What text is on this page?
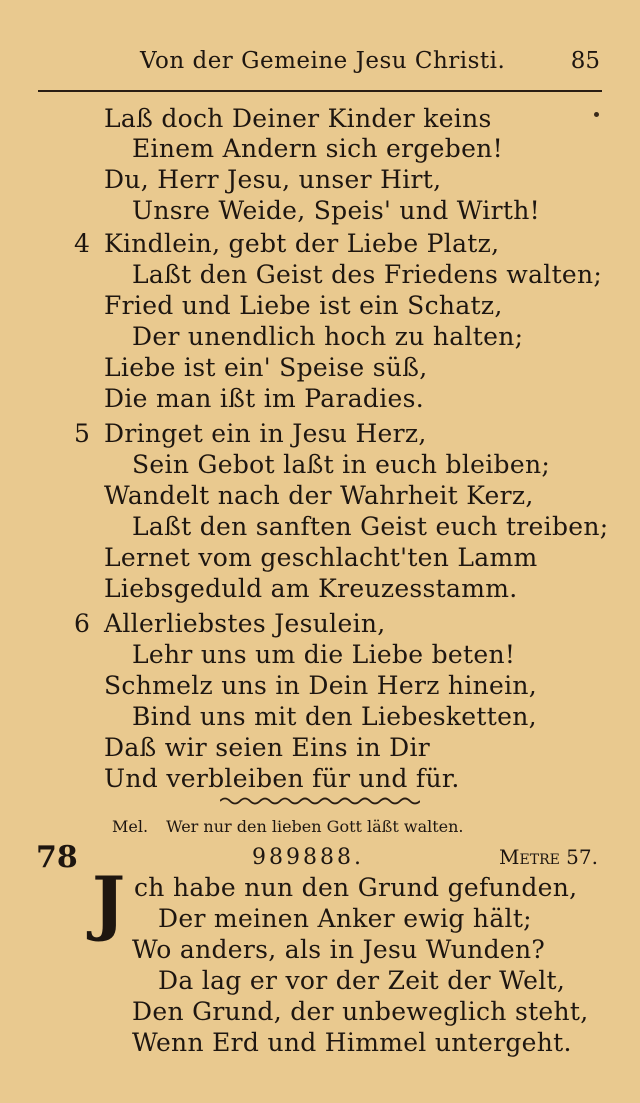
Von der Gemeine Jesu Christi.	85
Laß doch Deiner Kinder keins
Einem Andern sich ergeben!
Du, Herr Jesu, unser Hirt,
Unsre Weide, Speis' und Wirth!
4 Kindlein, gebt der Liebe Platz,
Laßt den Geist des Friedens walten;
Fried und Liebe ist ein Schatz,
Der unendlich hoch zu halten;
Liebe ist ein' Speise süß,
Die man ißt im Paradies.
5 Dringet ein in Jesu Herz,
Sein Gebot laßt in euch bleiben;
Wandelt nach der Wahrheit Kerz,
Laßt den sanften Geist euch treiben;
Lernet vom geschlacht'ten Lamm
Liebsgeduld am Kreuzesstamm.
6 Allerliebstes Jesulein,
Lehr uns um die Liebe beten!
Schmelz uns in Dein Herz hinein,
Bind uns mit den Liebesketten,
Daß wir seien Eins in Dir
Und verbleiben für und für.
Mel. Wer nur den lieben Gott läßt walten.
78	989888.	Metre 57.
J ch habe nun den Grund gefunden,
Der meinen Anker ewig hält;
Wo anders, als in Jesu Wunden?
Da lag er vor der Zeit der Welt,
Den Grund, der unbeweglich steht,
Wenn Erd und Himmel untergeht.
